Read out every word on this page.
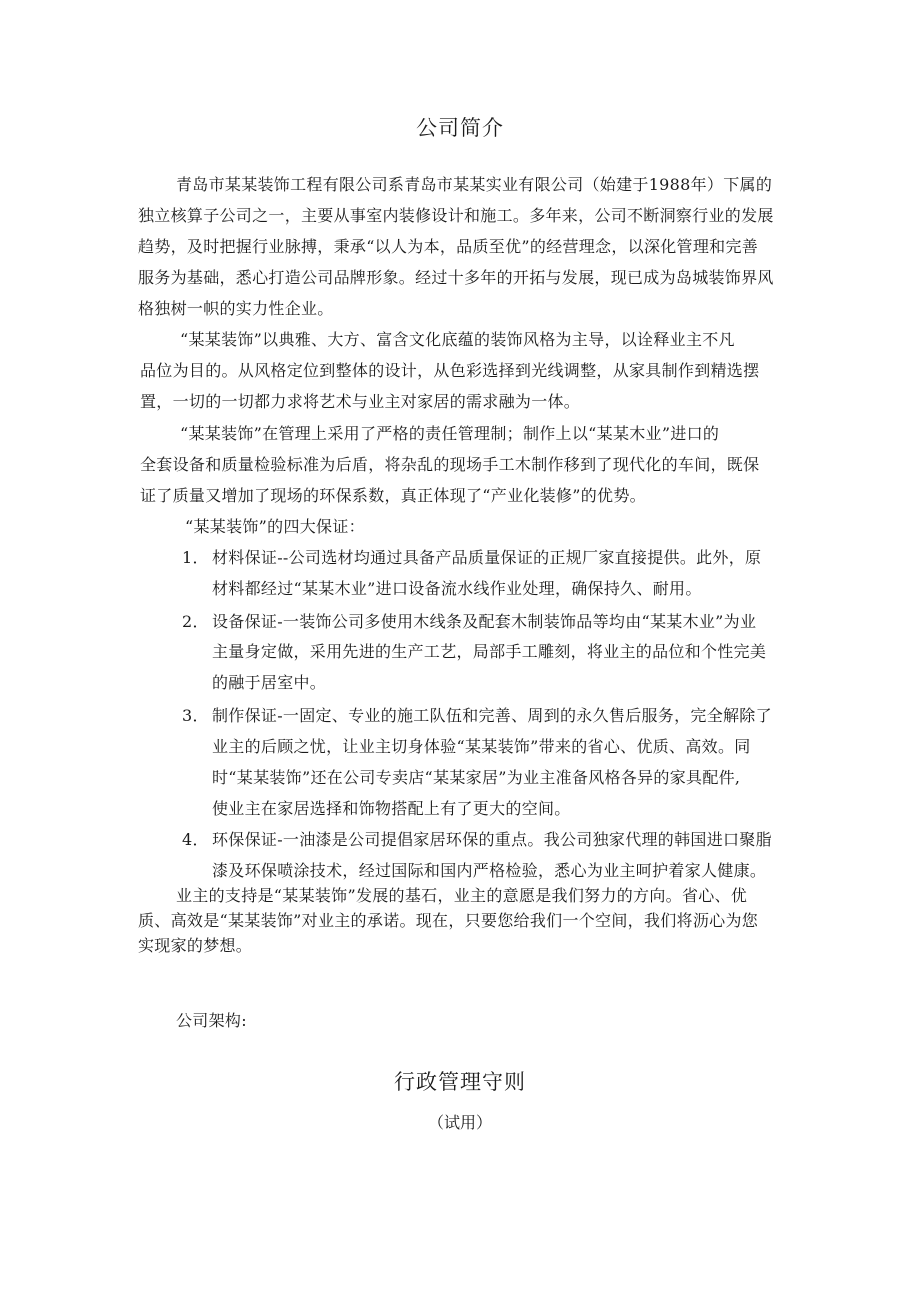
公司简介
青岛市某某装饰工程有限公司系青岛市某某实业有限公司（始建于1988年）下属的
独立核算子公司之一，主要从事室内装修设计和施工。多年来，公司不断洞察行业的发展
趋势，及时把握行业脉搏，秉承“以人为本，品质至优”的经营理念，以深化管理和完善
服务为基础，悉心打造公司品牌形象。经过十多年的开拓与发展，现已成为岛城装饰界风
格独树一帜的实力性企业。
“某某装饰”以典雅、大方、富含文化底蕴的装饰风格为主导，以诠释业主不凡
品位为目的。从风格定位到整体的设计，从色彩选择到光线调整，从家具制作到精选摆
置，一切的一切都力求将艺术与业主对家居的需求融为一体。
“某某装饰”在管理上采用了严格的责任管理制；制作上以“某某木业”进口的
全套设备和质量检验标准为后盾，将杂乱的现场手工木制作移到了现代化的车间，既保
证了质量又增加了现场的环保系数，真正体现了“产业化装修”的优势。
“某某装饰”的四大保证：
1． 材料保证--公司选材均通过具备产品质量保证的正规厂家直接提供。此外，原
材料都经过“某某木业”进口设备流水线作业处理，确保持久、耐用。
2． 设备保证-一装饰公司多使用木线条及配套木制装饰品等均由“某某木业”为业
主量身定做，采用先进的生产工艺，局部手工雕刻，将业主的品位和个性完美
的融于居室中。
3． 制作保证-一固定、专业的施工队伍和完善、周到的永久售后服务，完全解除了
业主的后顾之忧，让业主切身体验“某某装饰”带来的省心、优质、高效。同
时“某某装饰”还在公司专卖店“某某家居”为业主准备风格各异的家具配件,
使业主在家居选择和饰物搭配上有了更大的空间。
4． 环保保证-一油漆是公司提倡家居环保的重点。我公司独家代理的韩国进口聚脂
漆及环保喷涂技术，经过国际和国内严格检验，悉心为业主呵护着家人健康。
业主的支持是“某某装饰”发展的基石，业主的意愿是我们努力的方向。省心、优
质、高效是“某某装饰”对业主的承诺。现在，只要您给我们一个空间，我们将沥心为您
实现家的梦想。
公司架构:
行政管理守则
（试用）
